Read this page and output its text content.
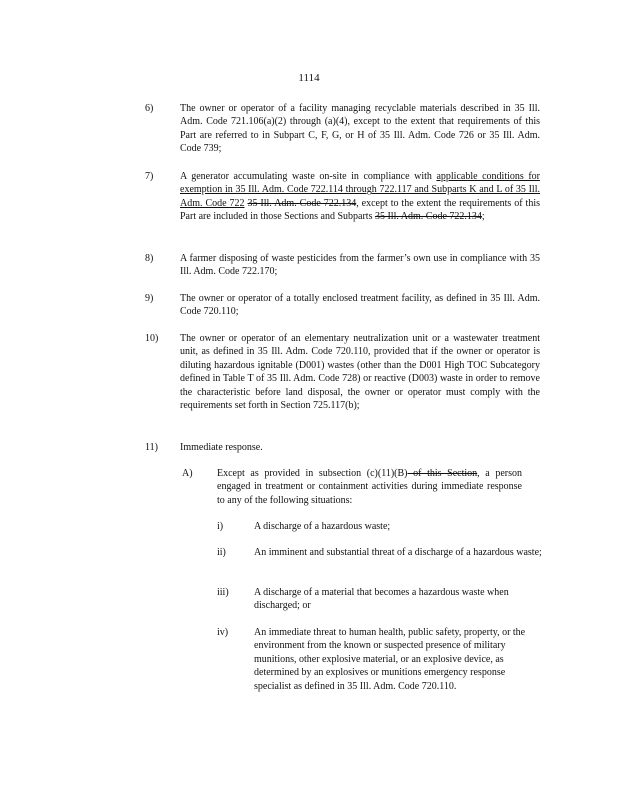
1114
6)	The owner or operator of a facility managing recyclable materials described in 35 Ill. Adm. Code 721.106(a)(2) through (a)(4), except to the extent that requirements of this Part are referred to in Subpart C, F, G, or H of 35 Ill. Adm. Code 726 or 35 Ill. Adm. Code 739;

7)	A generator accumulating waste on-site in compliance with applicable conditions for exemption in 35 Ill. Adm. Code 722.114 through 722.117 and Subparts K and L of 35 Ill. Adm. Code 722 35 Ill. Adm. Code 722.134, except to the extent the requirements of this Part are included in those Sections and Subparts 35 Ill. Adm. Code 722.134;

8)	A farmer disposing of waste pesticides from the farmer’s own use in compliance with 35 Ill. Adm. Code 722.170;

9)	The owner or operator of a totally enclosed treatment facility, as defined in 35 Ill. Adm. Code 720.110;

10) The owner or operator of an elementary neutralization unit or a wastewater treatment unit, as defined in 35 Ill. Adm. Code 720.110, provided that if the owner or operator is diluting hazardous ignitable (D001) wastes (other than the D001 High TOC Subcategory defined in Table T of 35 Ill. Adm. Code 728) or reactive (D003) waste in order to remove the characteristic before land disposal, the owner or operator must comply with the requirements set forth in Section 725.117(b);

11) Immediate response.

A) Except as provided in subsection (c)(11)(B) of this Section, a person engaged in treatment or containment activities during immediate response to any of the following situations:

i)	A discharge of a hazardous waste;

ii)	An imminent and substantial threat of a discharge of a hazardous waste;

iii)	A discharge of a material that becomes a hazardous waste when discharged; or

iv)	An immediate threat to human health, public safety, property, or the environment from the known or suspected presence of military munitions, other explosive material, or an explosive device, as determined by an explosives or munitions emergency response specialist as defined in 35 Ill. Adm. Code 720.110.
